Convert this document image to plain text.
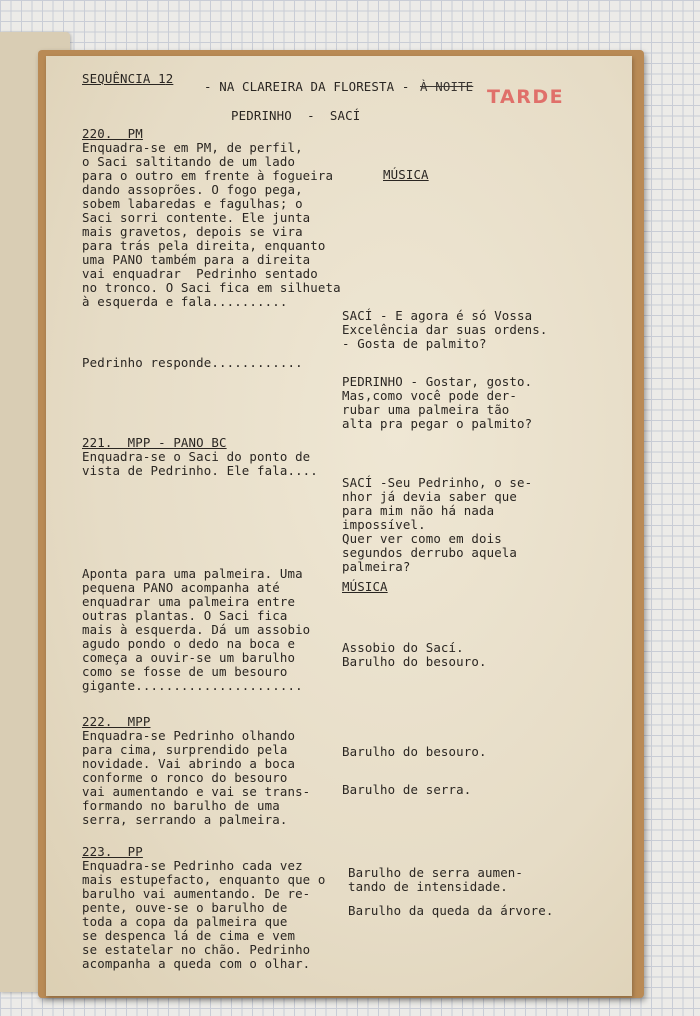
SEQUÊNCIA 12
- NA CLAREIRA DA FLORESTA - À NOITE TARDE
PEDRINHO  -  SACÍ
220.  PM
Enquadra-se em PM, de perfil,
o Saci saltitando de um lado
para o outro em frente à fogueira
dando assoprões. O fogo pega,
sobem labaredas e fagulhas; o
Saci sorri contente. Ele junta
mais gravetos, depois se vira
para trás pela direita, enquanto
uma PANO também para a direita
vai enquadrar  Pedrinho sentado
no tronco. O Saci fica em silhueta
à esquerda e fala..........
MÚSICA
SACÍ - E agora é só Vossa
Excelência dar suas ordens.
- Gosta de palmito?
Pedrinho responde............
PEDRINHO - Gostar, gosto.
Mas,como você pode der-
rubar uma palmeira tão
alta pra pegar o palmito?
221.  MPP - PANO BC
Enquadra-se o Saci do ponto de
vista de Pedrinho. Ele fala....
SACÍ -Seu Pedrinho, o se-
nhor já devia saber que
para mim não há nada
impossível.
Quer ver como em dois
segundos derrubo aquela
palmeira?
Aponta para uma palmeira. Uma
pequena PANO acompanha até
enquadrar uma palmeira entre
outras plantas. O Saci fica
mais à esquerda. Dá um assobio
agudo pondo o dedo na boca e
começa a ouvir-se um barulho
como se fosse de um besouro
gigante......................
MÚSICA
Assobio do Sací.
Barulho do besouro.
222.  MPP
Enquadra-se Pedrinho olhando
para cima, surprendido pela
novidade. Vai abrindo a boca
conforme o ronco do besouro
vai aumentando e vai se trans-
formando no barulho de uma
serra, serrando a palmeira.
Barulho do besouro.
Barulho de serra.
223.  PP
Enquadra-se Pedrinho cada vez
mais estupefacto, enquanto que o
barulho vai aumentando. De re-
pente, ouve-se o barulho de
toda a copa da palmeira que
se despenca lá de cima e vem
se estatelar no chão. Pedrinho
acompanha a queda com o olhar.
Barulho de serra aumen-
tando de intensidade.
Barulho da queda da árvore.
